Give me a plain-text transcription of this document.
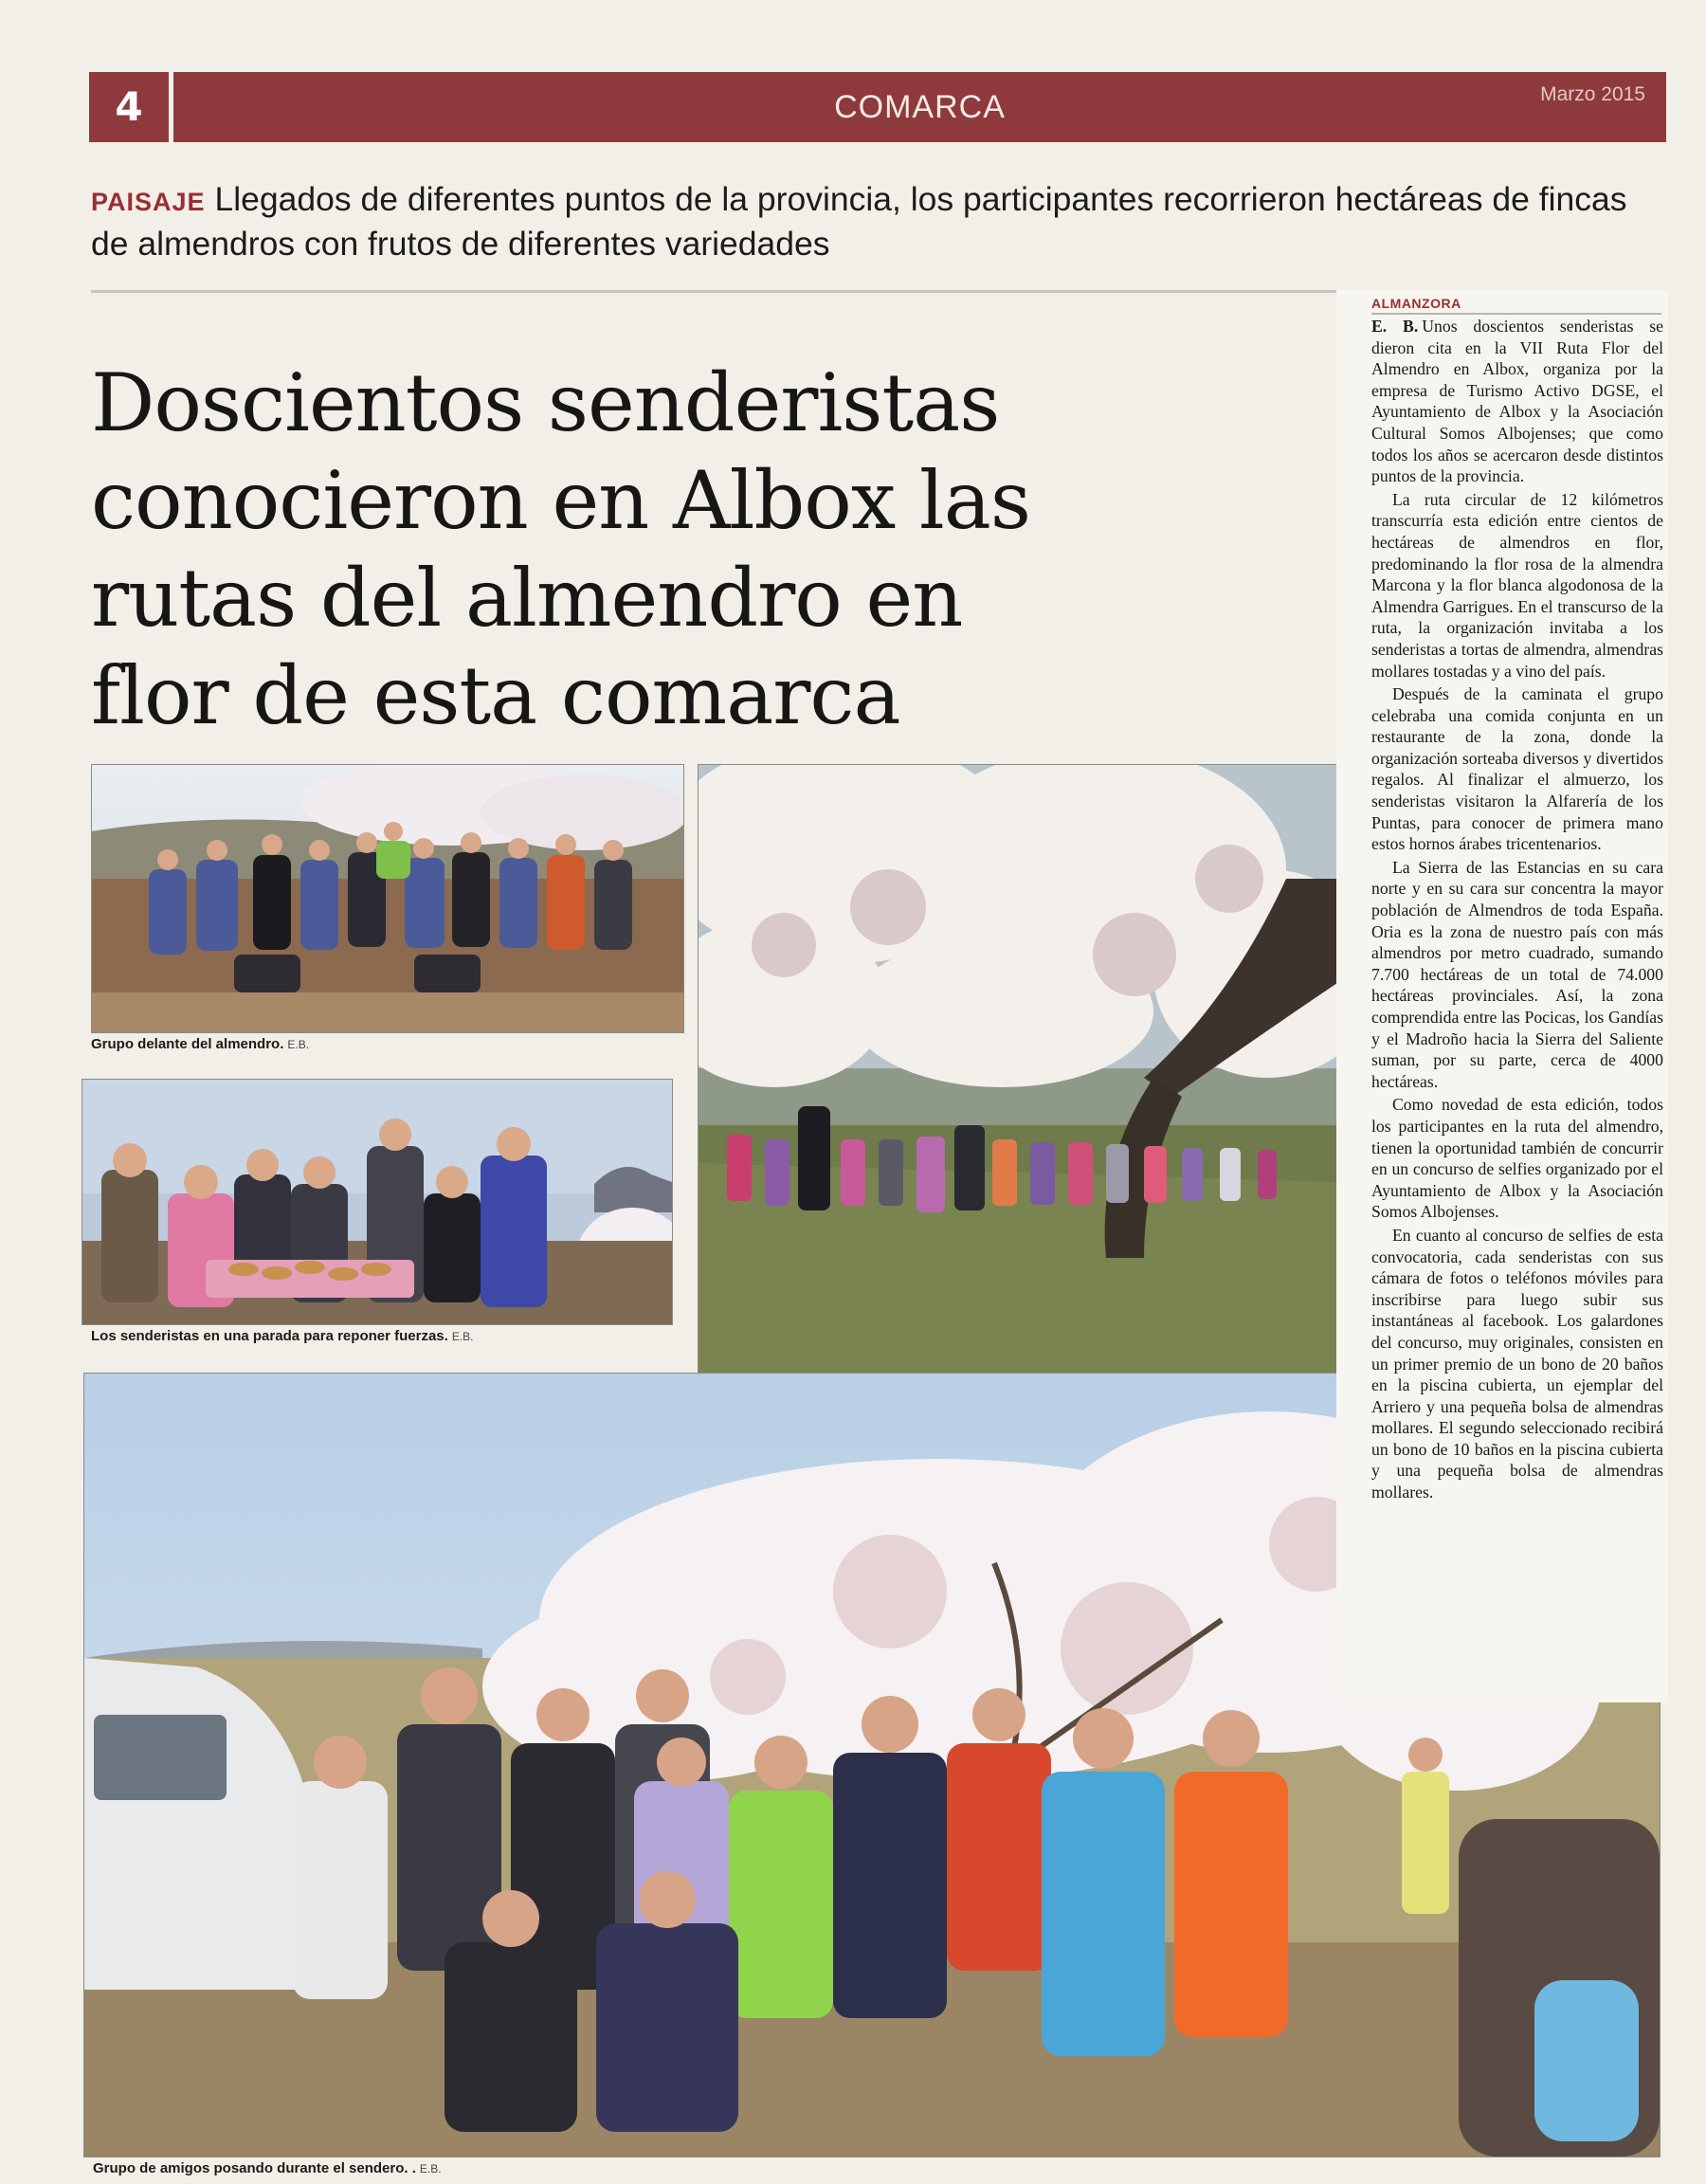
4	COMARCA	Marzo 2015
PAISAJE Llegados de diferentes puntos de la provincia, los participantes recorrieron hectáreas de fincas de almendros con frutos de diferentes variedades
Doscientos senderistas
conocieron en Albox las
rutas del almendro en
flor de esta comarca
Grupo delante del almendro. E.B.
Los senderistas en una parada para reponer fuerzas. E.B.
Grupo de amigos posando durante el sendero. . E.B.
ALMANZORA

E. B. Unos doscientos senderistas se dieron cita en la VII Ruta Flor del Almendro en Albox, organiza por la empresa de Turismo Activo DGSE, el Ayuntamiento de Albox y la Asociación Cultural Somos Albojenses; que como todos los años se acercaron desde distintos puntos de la provincia.

La ruta circular de 12 kilómetros transcurría esta edición entre cientos de hectáreas de almendros en flor, predominando la flor rosa de la almendra Marcona y la flor blanca algodonosa de la Almendra Garrigues. En el transcurso de la ruta, la organización invitaba a los senderistas a tortas de almendra, almendras mollares tostadas y a vino del país.

Después de la caminata el grupo celebraba una comida conjunta en un restaurante de la zona, donde la organización sorteaba diversos y divertidos regalos. Al finalizar el almuerzo, los senderistas visitaron la Alfarería de los Puntas, para conocer de primera mano estos hornos árabes tricentenarios.

La Sierra de las Estancias en su cara norte y en su cara sur concentra la mayor población de Almendros de toda España. Oria es la zona de nuestro país con más almendros por metro cuadrado, sumando 7.700 hectáreas de un total de 74.000 hectáreas provinciales. Así, la zona comprendida entre las Pocicas, los Gandías y el Madroño hacia la Sierra del Saliente suman, por su parte, cerca de 4000 hectáreas.

Como novedad de esta edición, todos los participantes en la ruta del almendro, tienen la oportunidad también de concurrir en un concurso de selfies organizado por el Ayuntamiento de Albox y la Asociación Somos Albojenses.

En cuanto al concurso de selfies de esta convocatoria, cada senderistas con sus cámara de fotos o teléfonos móviles para inscribirse para luego subir sus instantáneas al facebook. Los galardones del concurso, muy originales, consisten en un primer premio de un bono de 20 baños en la piscina cubierta, un ejemplar del Arriero y una pequeña bolsa de almendras mollares. El segundo seleccionado recibirá un bono de 10 baños en la piscina cubierta y una pequeña bolsa de almendras mollares.
